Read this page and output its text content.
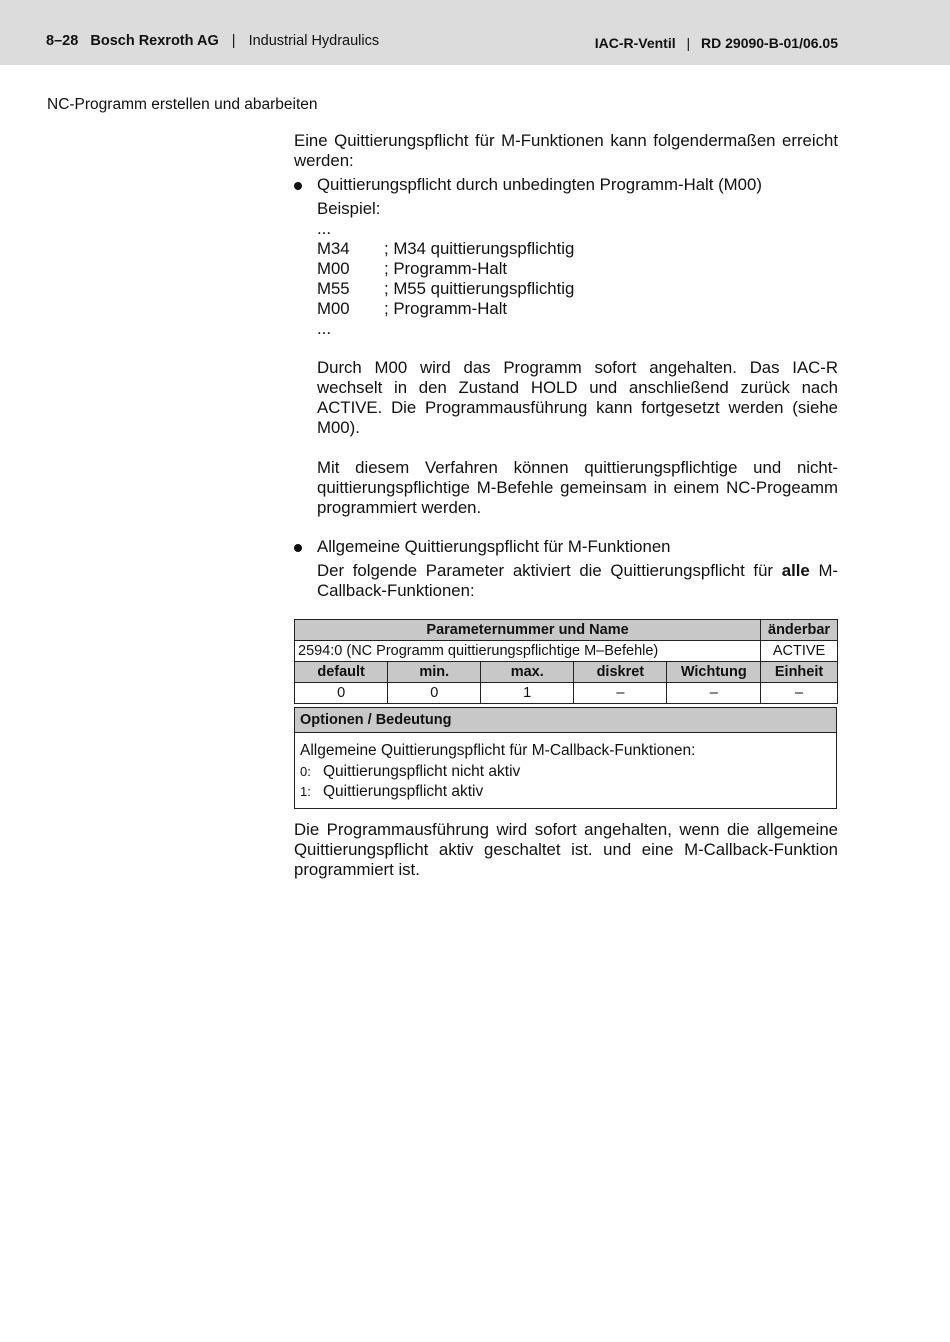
8–28 Bosch Rexroth AG | Industrial Hydraulics	IAC-R-Ventil | RD 29090-B-01/06.05
NC-Programm erstellen und abarbeiten
Eine Quittierungspflicht für M-Funktionen kann folgendermaßen erreicht werden:
Quittierungspflicht durch unbedingten Programm-Halt (M00)
Beispiel:
...
M34	; M34 quittierungspflichtig
M00	; Programm-Halt
M55	; M55 quittierungspflichtig
M00	; Programm-Halt
...
Durch M00 wird das Programm sofort angehalten. Das IAC-R wechselt in den Zustand HOLD und anschließend zurück nach ACTIVE. Die Programmausführung kann fortgesetzt werden (siehe M00).
Mit diesem Verfahren können quittierungspflichtige und nicht-quittierungspflichtige M-Befehle gemeinsam in einem NC-Progeamm programmiert werden.
Allgemeine Quittierungspflicht für M-Funktionen
Der folgende Parameter aktiviert die Quittierungspflicht für alle M-Callback-Funktionen:
Parameternummer und Name					änderbar
2594:0 (NC Programm quittierungspflichtige M–Befehle)					ACTIVE
default	min.	max.	diskret	Wichtung	Einheit
0	0	1	–	–	–
Optionen / Bedeutung
Allgemeine Quittierungspflicht für M-Callback-Funktionen:
0: Quittierungspflicht nicht aktiv
1: Quittierungspflicht aktiv
Die Programmausführung wird sofort angehalten, wenn die allgemeine Quittierungspflicht aktiv geschaltet ist. und eine M-Callback-Funktion programmiert ist.
